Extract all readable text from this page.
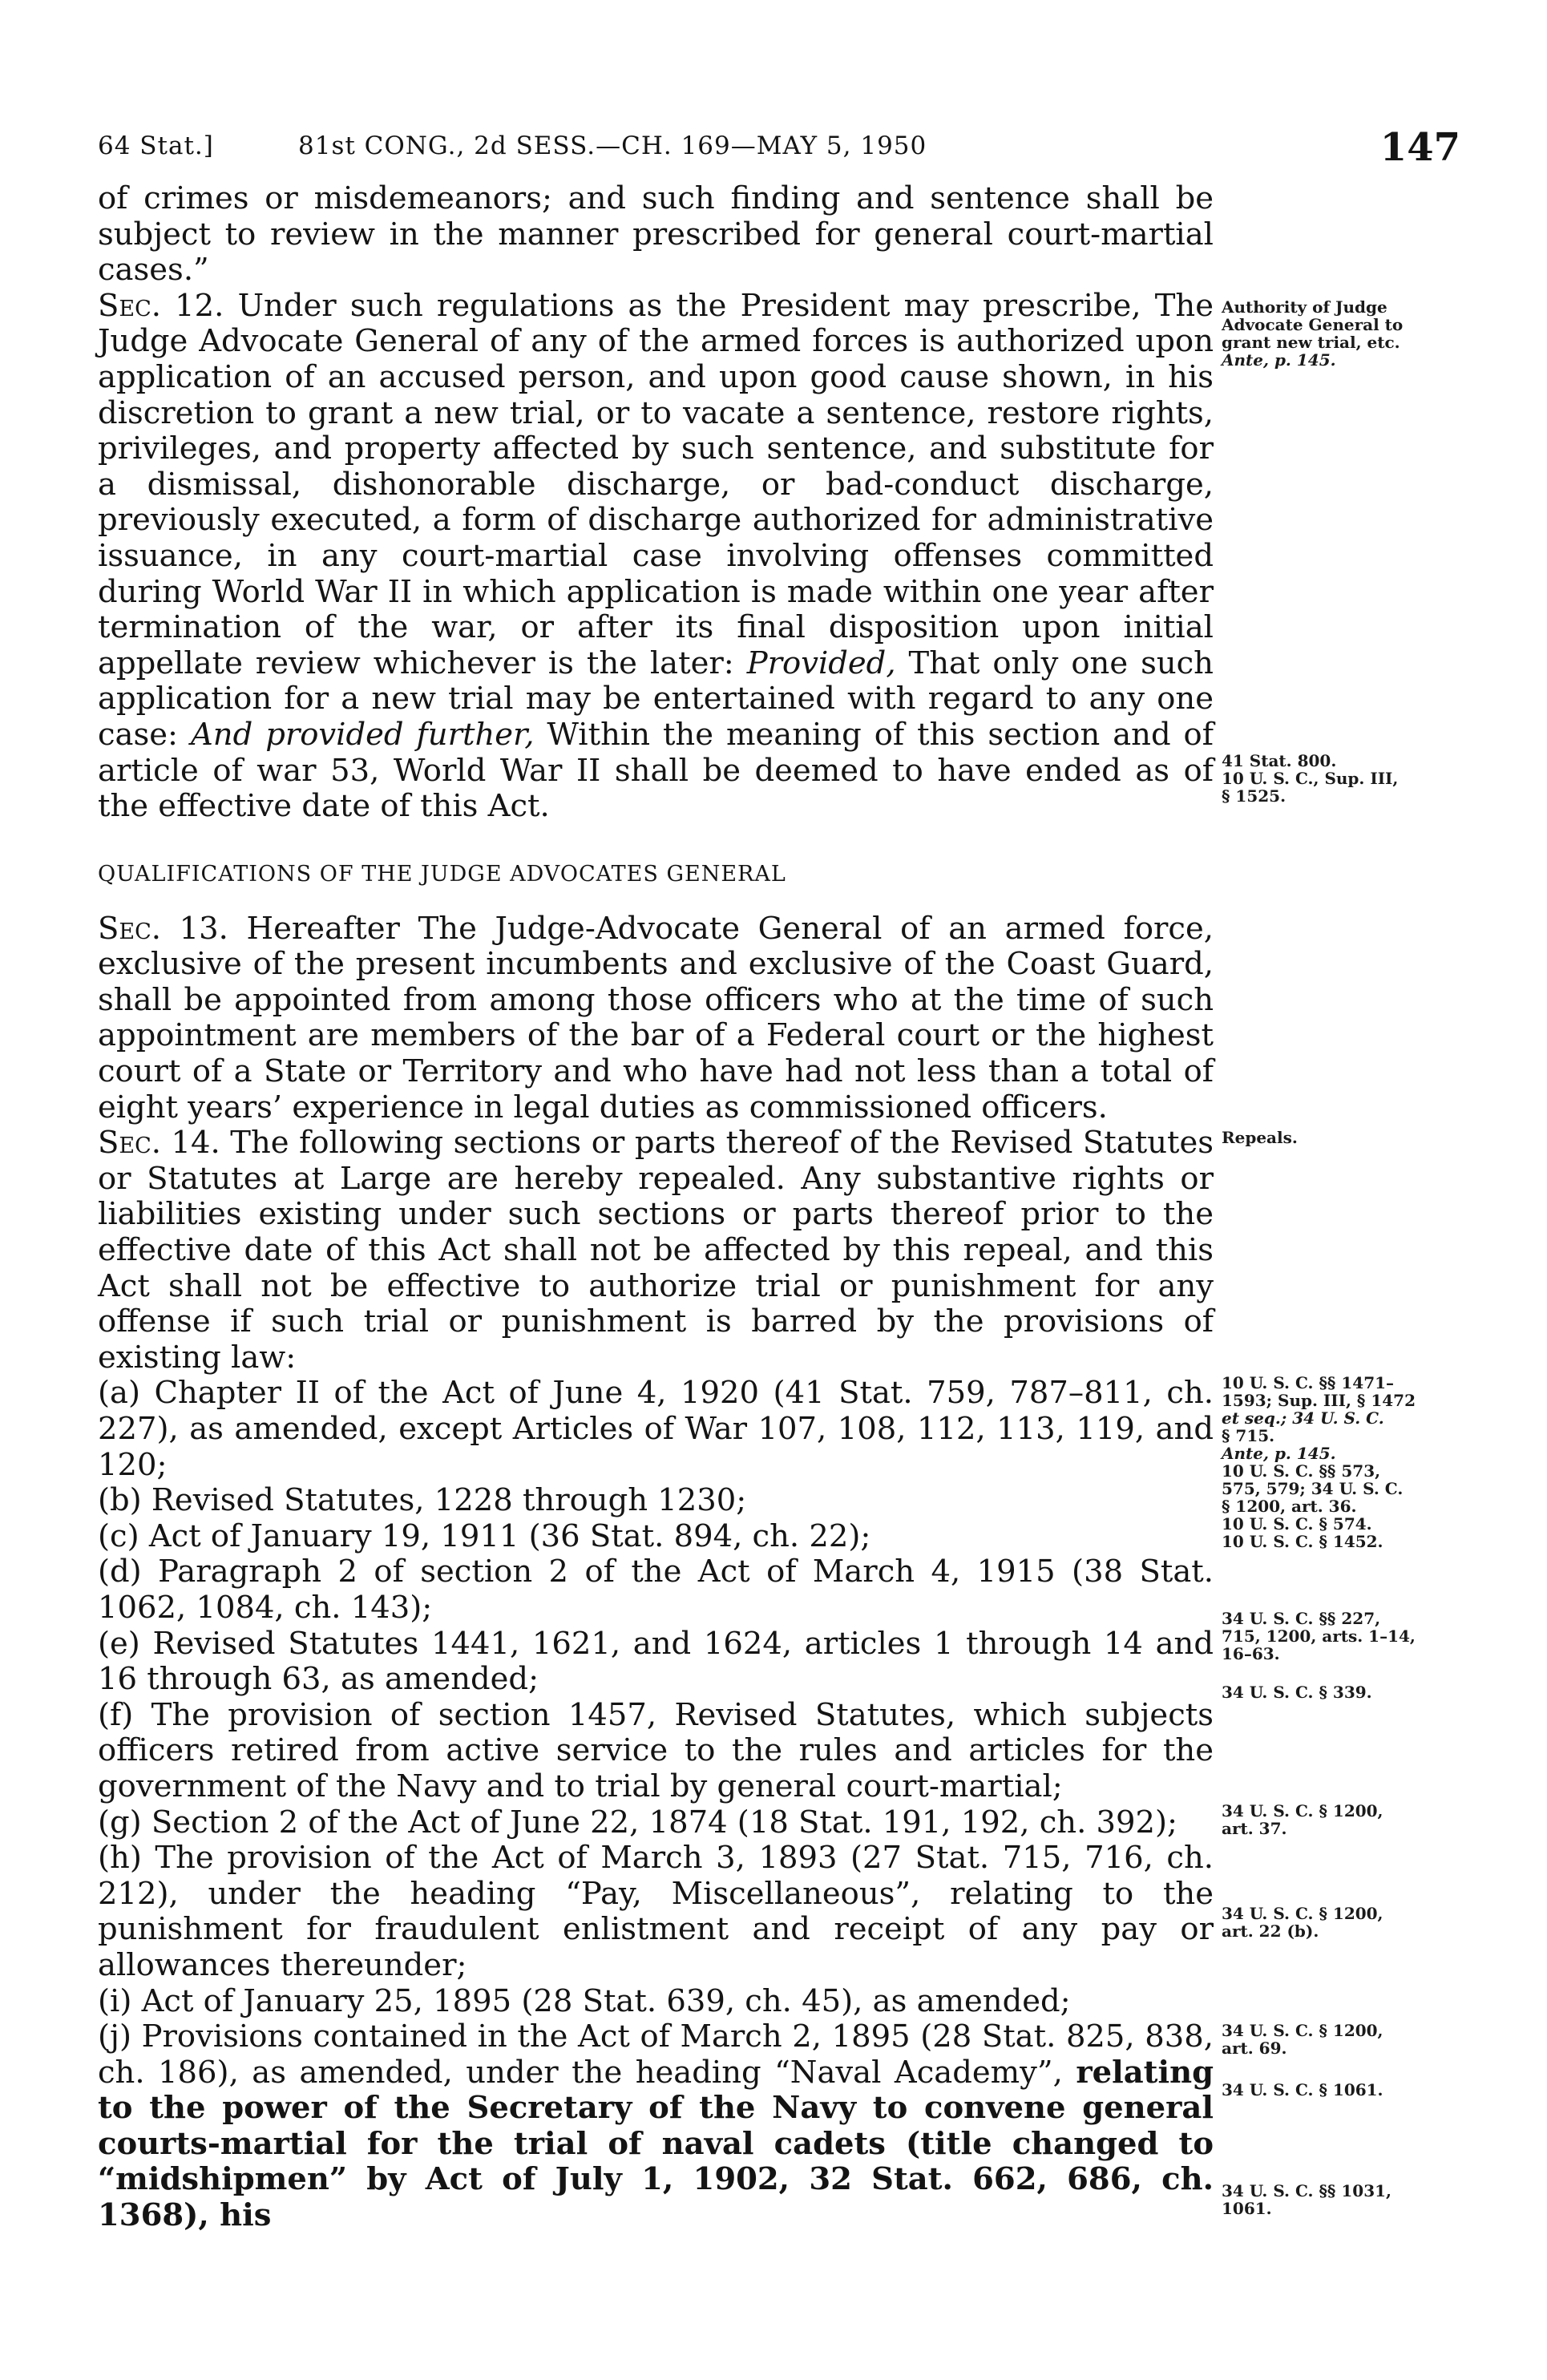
64 Stat.]	81st CONG., 2d SESS.—CH. 169—MAY 5, 1950	147

of crimes or misdemeanors; and such finding and sentence shall be subject to review in the manner prescribed for general court-martial cases.”

Sec. 12. Under such regulations as the President may prescribe, The Judge Advocate General of any of the armed forces is authorized upon application of an accused person, and upon good cause shown, in his discretion to grant a new trial, or to vacate a sentence, restore rights, privileges, and property affected by such sentence, and substitute for a dismissal, dishonorable discharge, or bad-conduct discharge, previously executed, a form of discharge authorized for administrative issuance, in any court-martial case involving offenses committed during World War II in which application is made within one year after termination of the war, or after its final disposition upon initial appellate review whichever is the later: Provided, That only one such application for a new trial may be entertained with regard to any one case: And provided further, Within the meaning of this section and of article of war 53, World War II shall be deemed to have ended as of the effective date of this Act.

QUALIFICATIONS OF THE JUDGE ADVOCATES GENERAL

Sec. 13. Hereafter The Judge-Advocate General of an armed force, exclusive of the present incumbents and exclusive of the Coast Guard, shall be appointed from among those officers who at the time of such appointment are members of the bar of a Federal court or the highest court of a State or Territory and who have had not less than a total of eight years’ experience in legal duties as commissioned officers.

Sec. 14. The following sections or parts thereof of the Revised Statutes or Statutes at Large are hereby repealed. Any substantive rights or liabilities existing under such sections or parts thereof prior to the effective date of this Act shall not be affected by this repeal, and this Act shall not be effective to authorize trial or punishment for any offense if such trial or punishment is barred by the provisions of existing law:

(a) Chapter II of the Act of June 4, 1920 (41 Stat. 759, 787–811, ch. 227), as amended, except Articles of War 107, 108, 112, 113, 119, and 120;

(b) Revised Statutes, 1228 through 1230;

(c) Act of January 19, 1911 (36 Stat. 894, ch. 22);

(d) Paragraph 2 of section 2 of the Act of March 4, 1915 (38 Stat. 1062, 1084, ch. 143);

(e) Revised Statutes 1441, 1621, and 1624, articles 1 through 14 and 16 through 63, as amended;

(f) The provision of section 1457, Revised Statutes, which subjects officers retired from active service to the rules and articles for the government of the Navy and to trial by general court-martial;

(g) Section 2 of the Act of June 22, 1874 (18 Stat. 191, 192, ch. 392);

(h) The provision of the Act of March 3, 1893 (27 Stat. 715, 716, ch. 212), under the heading “Pay, Miscellaneous”, relating to the punishment for fraudulent enlistment and receipt of any pay or allowances thereunder;

(i) Act of January 25, 1895 (28 Stat. 639, ch. 45), as amended;

(j) Provisions contained in the Act of March 2, 1895 (28 Stat. 825, 838, ch. 186), as amended, under the heading “Naval Academy”, relating to the power of the Secretary of the Navy to convene general courts-martial for the trial of naval cadets (title changed to “midshipmen” by Act of July 1, 1902, 32 Stat. 662, 686, ch. 1368), his

Authority of Judge
Advocate General to
grant new trial, etc.
Ante, p. 145.
41 Stat. 800.
10 U. S. C., Sup. III,
§ 1525.
Repeals.
10 U. S. C. §§ 1471–
1593; Sup. III, § 1472
et seq.; 34 U. S. C.
§ 715.
Ante, p. 145.
10 U. S. C. §§ 573,
575, 579; 34 U. S. C.
§ 1200, art. 36.
10 U. S. C. § 574.
10 U. S. C. § 1452.
34 U. S. C. §§ 227,
715, 1200, arts. 1–14,
16–63.
34 U. S. C. § 339.
34 U. S. C. § 1200,
art. 37.
34 U. S. C. § 1200,
art. 22 (b).
34 U. S. C. § 1200,
art. 69.
34 U. S. C. § 1061.
34 U. S. C. §§ 1031,
1061.
